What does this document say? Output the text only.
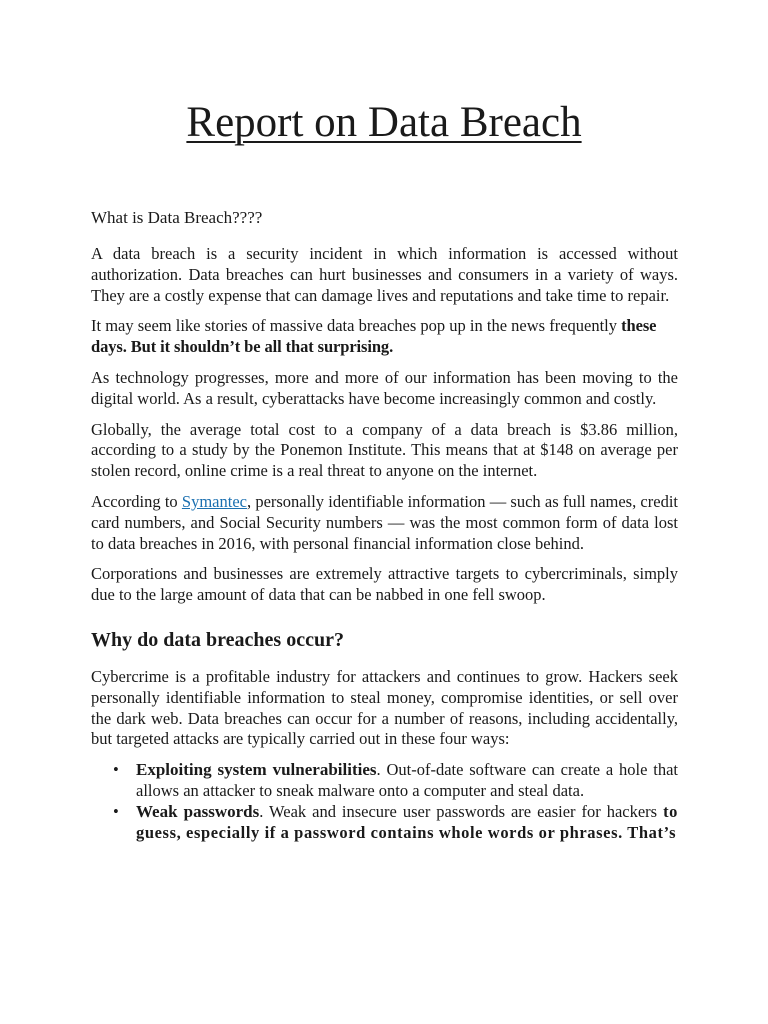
Report on Data Breach
What is Data Breach????

A data breach is a security incident in which information is accessed without authorization. Data breaches can hurt businesses and consumers in a variety of ways. They are a costly expense that can damage lives and reputations and take time to repair.

It may seem like stories of massive data breaches pop up in the news frequently these days. But it shouldn’t be all that surprising.

As technology progresses, more and more of our information has been moving to the digital world. As a result, cyberattacks have become increasingly common and costly.

Globally, the average total cost to a company of a data breach is $3.86 million, according to a study by the Ponemon Institute. This means that at $148 on average per stolen record, online crime is a real threat to anyone on the internet.

According to Symantec, personally identifiable information — such as full names, credit card numbers, and Social Security numbers — was the most common form of data lost to data breaches in 2016, with personal financial information close behind.

Corporations and businesses are extremely attractive targets to cybercriminals, simply due to the large amount of data that can be nabbed in one fell swoop.

Why do data breaches occur?

Cybercrime is a profitable industry for attackers and continues to grow. Hackers seek personally identifiable information to steal money, compromise identities, or sell over the dark web. Data breaches can occur for a number of reasons, including accidentally, but targeted attacks are typically carried out in these four ways:

• Exploiting system vulnerabilities. Out-of-date software can create a hole that allows an attacker to sneak malware onto a computer and steal data.
• Weak passwords. Weak and insecure user passwords are easier for hackers to guess, especially if a password contains whole words or phrases. That’s
